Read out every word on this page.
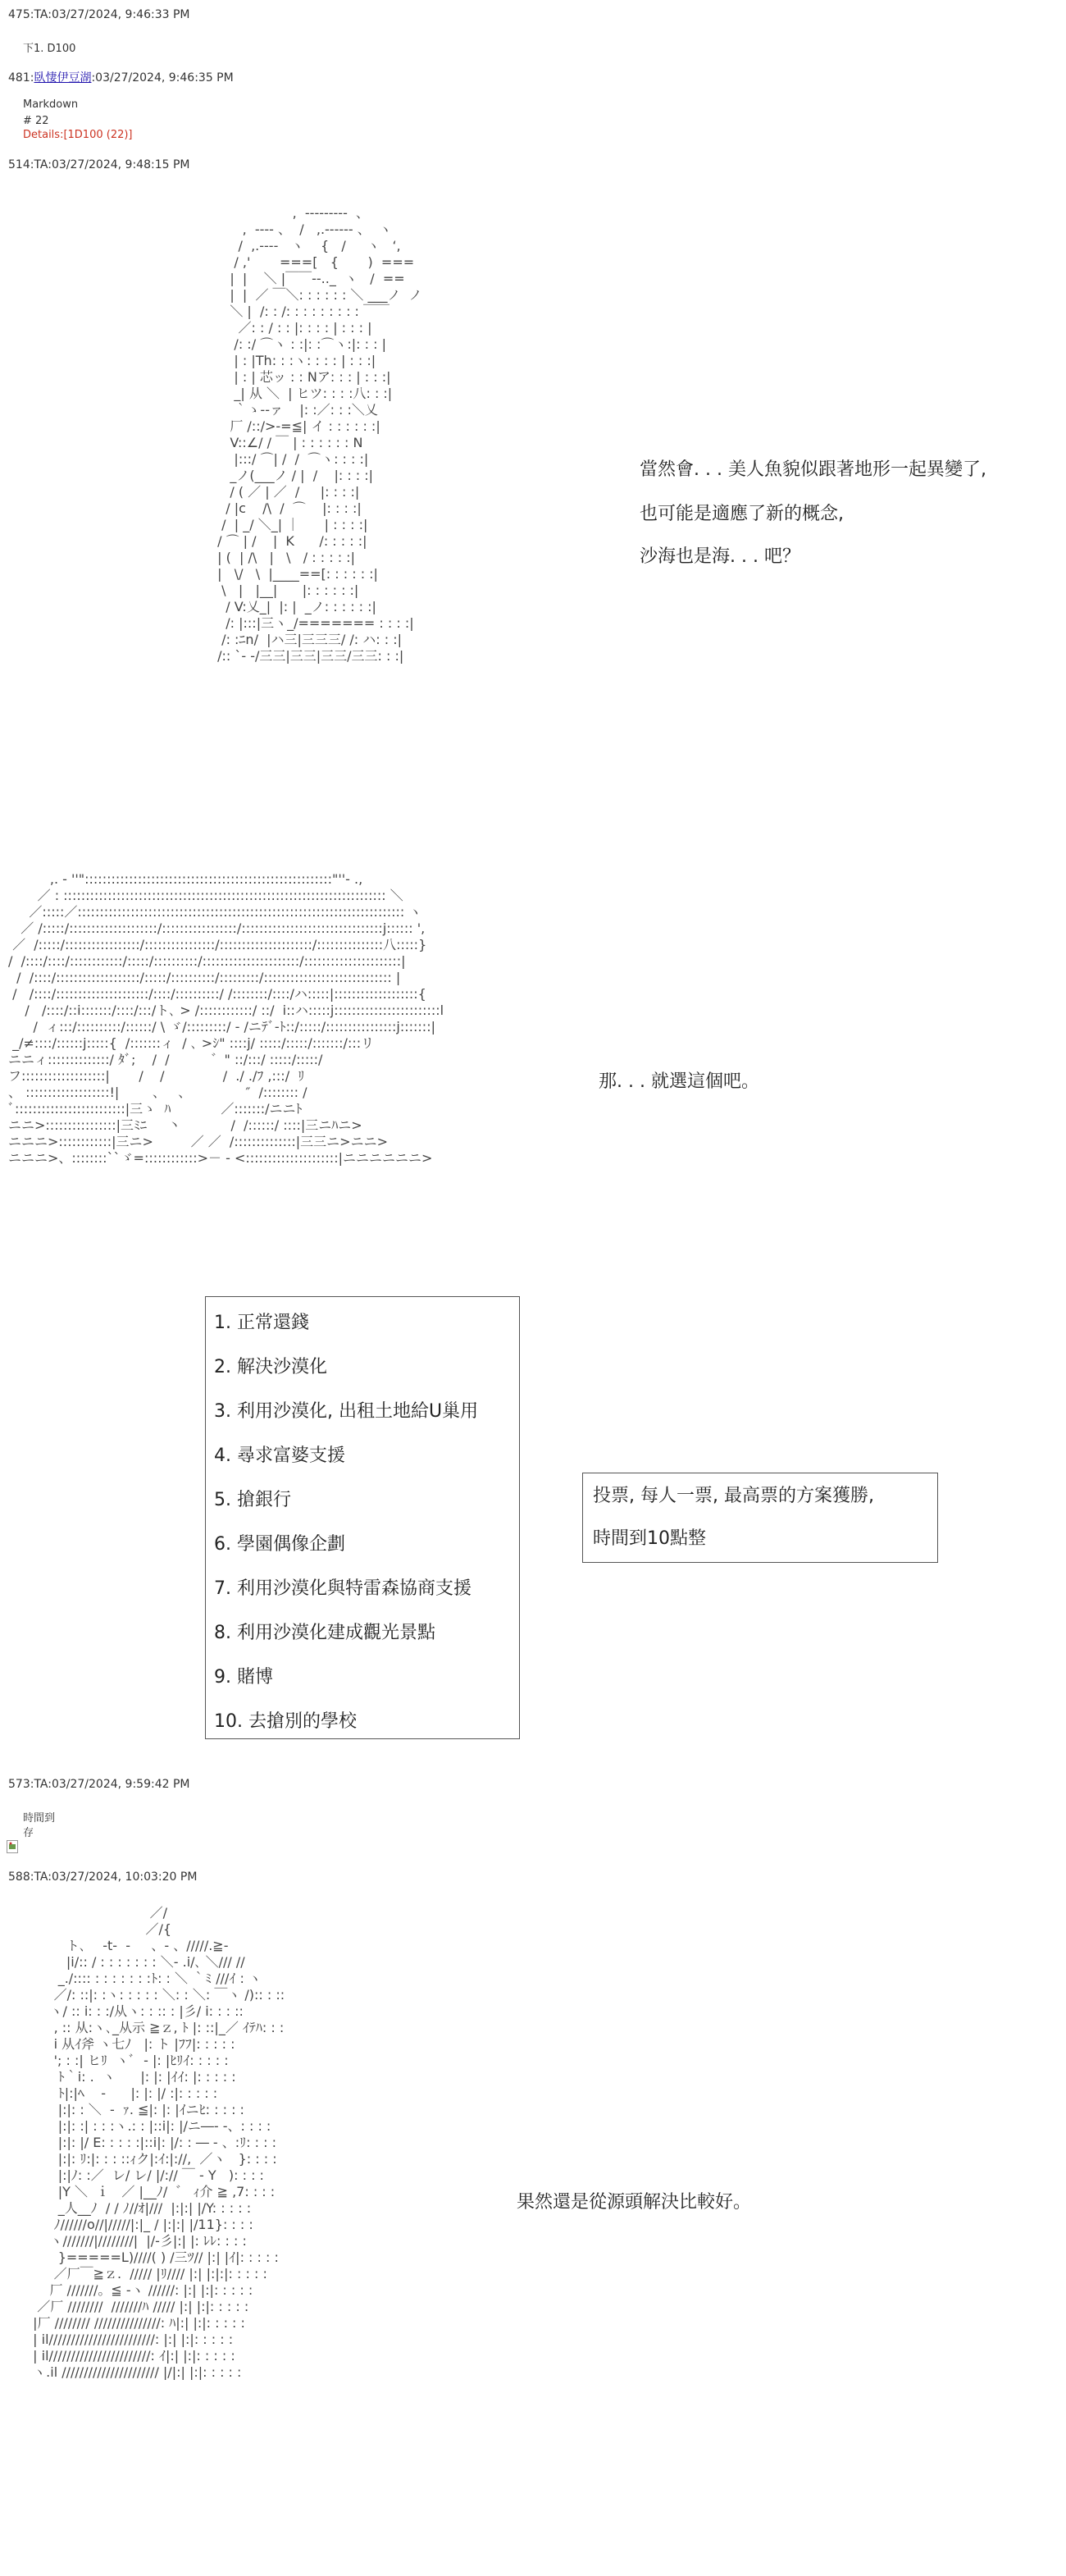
475:TA:03/27/2024, 9:46:33 PM
下1. D100
481:臥悽伊豆湖:03/27/2024, 9:46:35 PM
Markdown
# 22
Details:[1D100 (22)]
514:TA:03/27/2024, 9:48:15 PM
,  ‐‐‐‐‐‐‐‐‐  、
,  ‐‐‐‐ 、  /   ,.‐‐‐‐‐‐ 、  ヽ
/  ,.‐‐‐‐   ヽ    {   /     ヽ   ‘,
/ ,'       ===[   {       )  ===
|  |    ＼ |￣￣‐‐.._  ヽ   /  ==
|  |  ／ ￣＼: : : : : : ＼ ___ノ  ノ
＼ |  /: : /: : : : : : : : : ￣￣
／: : / : : |: : : : | : : : |
/: :/ ⌒ヽ : :|: :⌒ヽ:|: : : |
| : |Th: : :ヽ: : : : | : : :|
| : | 芯ッ : : Nア: : : | : : :|
_| 从 ＼  | ヒツ: : : :八: : :|
｀ゝ‐‐ァ    |: :／: : :＼乂
厂 /::/>‐=≦| イ : : : : : :|
V::∠/ / ￣ | : : : : : : N
|:::/ ⌒| /  /  ⌒ヽ: : : :|
_ノ(___ノ / |  /    |: : : :|
/ ( ／ | ／  /     |: : : :|
/ |c    /\  /  ⌒    |: : : :|
/  | _/ ＼_| ｜      | : : : :|
/ ⌒ | /    |  K      /: : : : :|
| (  | /\   |   \   / : : : : :|
|   \/   \  |____==[: : : : : :|
\   |   |__|      |: : : : : :|
/ V:乂_|  |: |  _ノ: : : : : :|
/: |:::|三ヽ_/======= : : : :|
/: :ﾆn/  |ハ三|三三三/ /: ハ: : :|
/:: `‐ ‐/三三|三三|三三/三三: : :|
當然會. . . 美人魚貌似跟著地形一起異變了,
也可能是適應了新的概念,
沙海也是海. . . 吧？
,. ‐ ''"::::::::::::::::::::::::::::::::::::::::::::::::::::::::"''‐ .,
／ : ::::::::::::::::::::::::::::::::::::::::::::::::::::::::::::::::::::::::: ＼
／:::::／:::::::::::::::::::::::::::::::::::::::::::::::::::::::::::::::::::::::::: ヽ
／ /:::::/::::::::::::::::::::/:::::::::::::::::/::::::::::::::::::::::::::::::::j:::::: ',
／  /:::::/:::::::::::::::::/::::::::::::::::/:::::::::::::::::::::/:::::::::::::::八:::::}
/  /::::/::::/::::::::::::/:::::/::::::::::/::::::::::::::::::::::/::::::::::::::::::::::|
/  /::::/:::::::::::::::::::/:::::/::::::::::/:::::::::/::::::::::::::::::::::::::::: |
/   /::::/:::::::::::::::::::::/::::/::::::::::/ /::::::::/::::/ハ:::::|:::::::::::::::::::{
/   /::::/::i:::::::/::::/:::/ト､ > /::::::::::::/ ::/  i::ハ:::::j::::::::::::::::::::::::l
/  ィ:::/::::::::::/::::::/ \ ゞ/:::::::::/ ‐ /ニﾃﾞ‐ﾄ::/:::::/::::::::::::::::j:::::::|
_/≠::::/::::::j:::::{  /:::::::ィ  / ､ >ｼ" ::::j/ :::::/:::::/:::::::/:::リ
ニニィ::::::::::::::/ ﾀﾞ;    /  /          ゛" ::/:::/ :::::/:::::/
フ:::::::::::::::::::|       /    /              /  ./ ./ﾌ ,:::/  ﾘ
、 :::::::::::::::::::!|        、   、             ″  /:::::::: /
ﾞ:::::::::::::::::::::::::|三ゝ  ﾊ            ／:::::::/ニニﾄ
ニニ>::::::::::::::::|三ﾐﾆ     丶            /  /::::::/ ::::|三ニﾊニ>
ニニニ>::::::::::::|三ニ>         ／ ／  /::::::::::::::|三三ニ>ニニ>
ニニニ>、::::::::``ゞ=::::::::::::>－ ‐ <:::::::::::::::::::::|ニニニニニニ>
那. . . 就選這個吧。
1. 正常還錢
2. 解決沙漠化
3. 利用沙漠化, 出租土地給U巢用
4. 尋求富婆支援
5. 搶銀行
6. 學園偶像企劃
7. 利用沙漠化與特雷森協商支援
8. 利用沙漠化建成觀光景點
9. 賭博
10. 去搶別的學校
投票, 每人一票, 最高票的方案獲勝,
時間到10點整
573:TA:03/27/2024, 9:59:42 PM
時間到
存
588:TA:03/27/2024, 10:03:20 PM
／/
／/{
ト､    ‐t‐  ‐     、‐ 、/////.≧‐
|i/:: / : : : : : : : ＼‐ .i/､ ＼/// //
_./:::: : : : : : : :ﾄ: : ＼ ｀ﾐ ///ｲ : ヽ
／/: ::|: :ヽ: : : : : ＼: : ＼: ￣ヽ /):: : ::
ヽ/ :: i: : :/从ヽ: : :: : |彡/ i: : : ::
, :: 从:ヽ､_从示 ≧ｚ, ﾄ |: ::|_／ ｲﾃﾊ: : :
i 从ｲ斧 ヽ七ﾉ   |: ト |ﾌﾌ|: : : : :
'; : :| ヒﾘ  ヽﾞ  ‐ |: |ﾋﾘｲ: : : : :
ﾄ｀i: .  ヽ      |: |: |ｲｲ: |: : : : :
ﾄ|:|ﾍ    ‐      |: |: |/ :|: : : : :
|:|: : ＼  ‐  ｧ. ≦|: |: |ｲニﾋ: : : : :
|:|: :| : : :ヽ.: : |::i|: |/ニ―‐ ‐、: : : :
|:|: |/ E: : : : :|::i|: |/: : ― ‐ 、:ﾘ: : : :
|:|: ﾘ:|: : : ::ｨク|:ｲ:|://,  ／ヽ   }: : : :
|:|ﾉ: :／  レ/ レ/ |/:// ￣ ‐ Y   ): : : :
|Y ＼  ｉ   ／ |__ﾉ/  ゛ ｨ介 ≧ ,7: : : :
_人__ﾉ  / / ﾉ//ｵ|///  |:|:| |/Y: : : : :
ﾉ//////o//|/////|:|_ / |:|:| |/11}: : : :
ヽ///////|////////|  |/‐彡|:| |: ﾚﾚ: : : :
}=====L)////( ) /三ﾂ// |:| |ｲ|: : : : :
／厂￣≧ｚ.  ///// |ﾘ//// |:| |:|:|: : : : :
厂 ///////。≦ ‐ヽ //////: |:| |:|: : : : :
／厂 ////////  ///////ﾊ ///// |:| |:|: : : : :
|厂 //////// ///////////////: ﾊ|:| |:|: : : : :
| il////////////////////////: |:| |:|: : : : :
| il///////////////////////: ｲ|:| |:|: : : : :
ヽ.il ////////////////////// |/|:| |:|: : : : :
果然還是從源頭解決比較好。
